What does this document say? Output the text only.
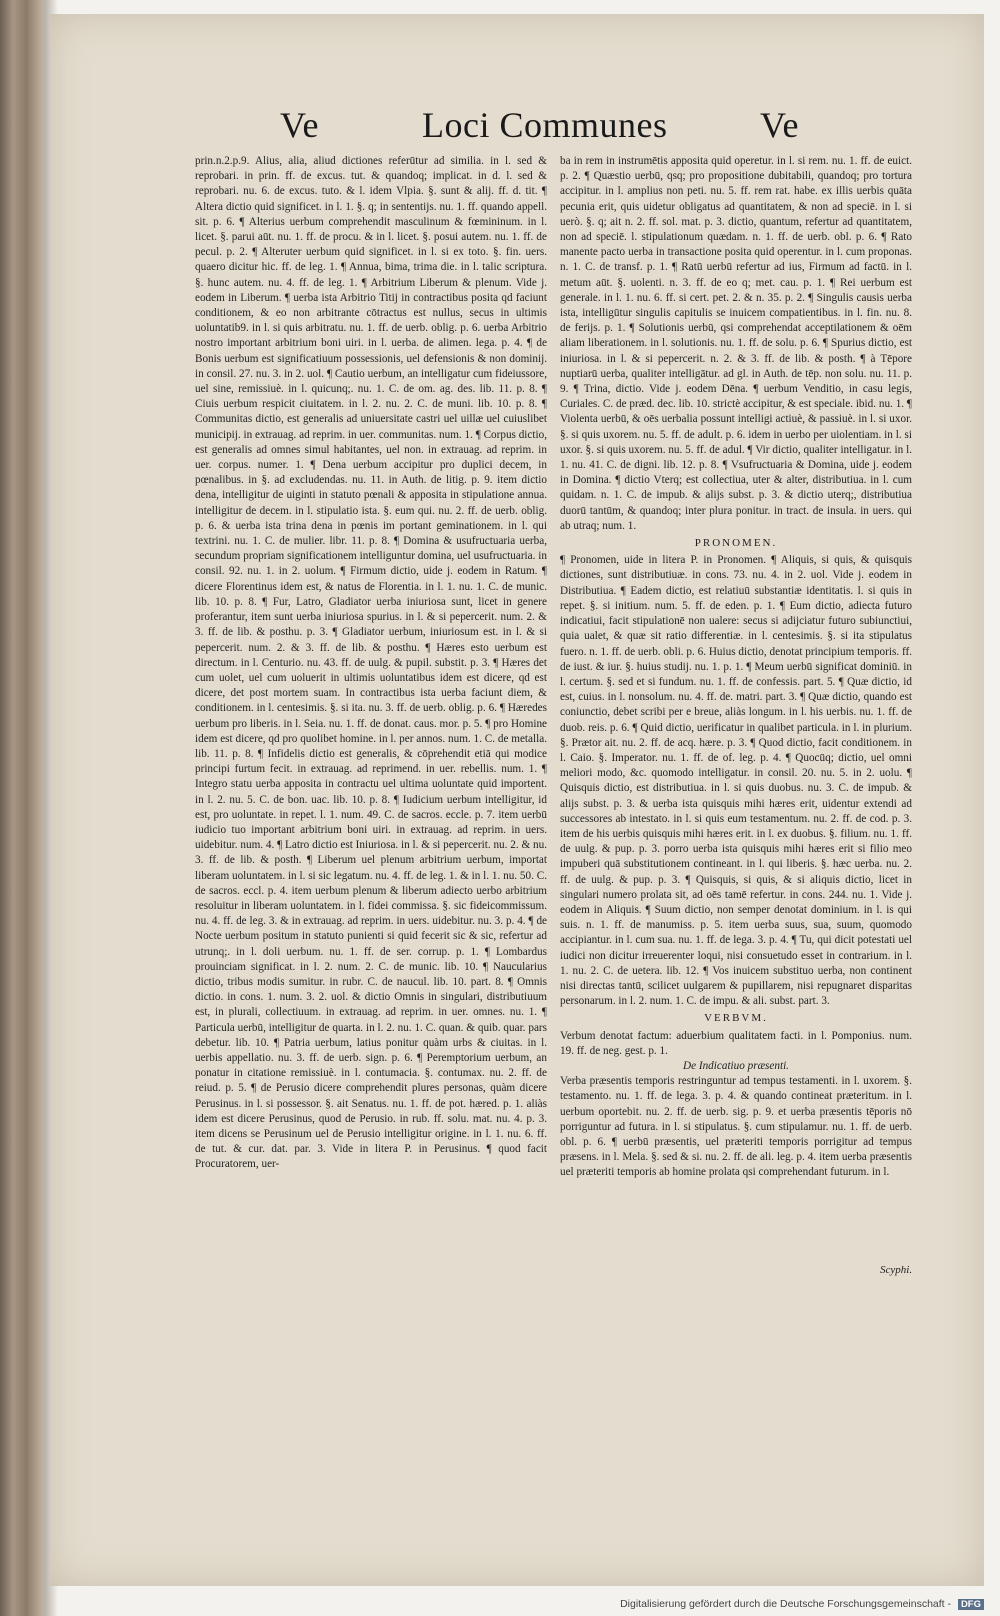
Ve	Loci Communes	Ve

prin.n.2.p.9. Alius, alia, aliud dictiones referūtur ad similia. in l. sed & reprobari. in prin. ff. de excus. tut. & quandoq; implicat. in d. l. sed & reprobari. nu. 6. de excus. tuto. & l. idem Vlpia. §. sunt & alij. ff. d. tit. ¶ Altera dictio quid significet. in l. 1. §. q; in sententijs. nu. 1. ff. quando appell. sit. p. 6. ¶ Alterius uerbum comprehendit masculinum & fœmininum. in l. licet. §. parui aūt. nu. 1. ff. de procu. & in l. licet. §. posui autem. nu. 1. ff. de pecul. p. 2. ¶ Alteruter uerbum quid significet. in l. si ex toto. §. fin. uers. quaero dicitur hic. ff. de leg. 1. ¶ Annua, bima, trima die. in l. talic scriptura. §. hunc autem. nu. 4. ff. de leg. 1. ¶ Arbitrium Liberum & plenum. Vide j. eodem in Liberum. ¶ uerba ista Arbitrio Titij in contractibus posita qd faciunt conditionem, & eo non arbitrante cōtractus est nullus, secus in ultimis uoluntatib9. in l. si quis arbitratu. nu. 1. ff. de uerb. oblig. p. 6. uerba Arbitrio nostro important arbitrium boni uiri. in l. uerba. de alimen. lega. p. 4. ¶ de Bonis uerbum est significatiuum possessionis, uel defensionis & non dominij. in consil. 27. nu. 3. in 2. uol. ¶ Cautio uerbum, an intelligatur cum fideiussore, uel sine, remissiuè. in l. quicunq;. nu. 1. C. de om. ag. des. lib. 11. p. 8. ¶ Ciuis uerbum respicit ciuitatem. in l. 2. nu. 2. C. de muni. lib. 10. p. 8. ¶ Communitas dictio, est generalis ad uniuersitate castri uel uillæ uel cuiuslibet municipij. in extrauag. ad reprim. in uer. communitas. num. 1. ¶ Corpus dictio, est generalis ad omnes simul habitantes, uel non. in extrauag. ad reprim. in uer. corpus. numer. 1. ¶ Dena uerbum accipitur pro duplici decem, in pœnalibus. in §. ad excludendas. nu. 11. in Auth. de litig. p. 9. item dictio dena, intelligitur de uiginti in statuto pœnali & apposita in stipulatione annua. intelligitur de decem. in l. stipulatio ista. §. eum qui. nu. 2. ff. de uerb. oblig. p. 6. & uerba ista trina dena in pœnis im portant geminationem. in l. qui textrini. nu. 1. C. de mulier. libr. 11. p. 8. ¶ Domina & usufructuaria uerba, secundum propriam significationem intelliguntur domina, uel usufructuaria. in consil. 92. nu. 1. in 2. uolum. ¶ Firmum dictio, uide j. eodem in Ratum. ¶ dicere Florentinus idem est, & natus de Florentia. in l. 1. nu. 1. C. de munic. lib. 10. p. 8. ¶ Fur, Latro, Gladiator uerba iniuriosa sunt, licet in genere proferantur, item sunt uerba iniuriosa spurius. in l. & si pepercerit. num. 2. & 3. ff. de lib. & posthu. p. 3. ¶ Gladiator uerbum, iniuriosum est. in l. & si pepercerit. num. 2. & 3. ff. de lib. & posthu. ¶ Hæres esto uerbum est directum. in l. Centurio. nu. 43. ff. de uulg. & pupil. substit. p. 3. ¶ Hæres det cum uolet, uel cum uoluerit in ultimis uoluntatibus idem est dicere, qd est dicere, det post mortem suam. In contractibus ista uerba faciunt diem, & conditionem. in l. centesimis. §. si ita. nu. 3. ff. de uerb. oblig. p. 6. ¶ Hæredes uerbum pro liberis. in l. Seia. nu. 1. ff. de donat. caus. mor. p. 5. ¶ pro Homine idem est dicere, qd pro quolibet homine. in l. per annos. num. 1. C. de metalla. lib. 11. p. 8. ¶ Infidelis dictio est generalis, & cōprehendit etiā qui modice principi furtum fecit. in extrauag. ad reprimend. in uer. rebellis. num. 1. ¶ Integro statu uerba apposita in contractu uel ultima uoluntate quid importent. in l. 2. nu. 5. C. de bon. uac. lib. 10. p. 8. ¶ Iudicium uerbum intelligitur, id est, pro uoluntate. in repet. l. 1. num. 49. C. de sacros. eccle. p. 7. item uerbū iudicio tuo important arbitrium boni uiri. in extrauag. ad reprim. in uers. uidebitur. num. 4. ¶ Latro dictio est Iniuriosa. in l. & si pepercerit. nu. 2. & nu. 3. ff. de lib. & posth. ¶ Liberum uel plenum arbitrium uerbum, importat liberam uoluntatem. in l. si sic legatum. nu. 4. ff. de leg. 1. & in l. 1. nu. 50. C. de sacros. eccl. p. 4. item uerbum plenum & liberum adiecto uerbo arbitrium resoluitur in liberam uoluntatem. in l. fidei commissa. §. sic fideicommissum. nu. 4. ff. de leg. 3. & in extrauag. ad reprim. in uers. uidebitur. nu. 3. p. 4. ¶ de Nocte uerbum positum in statuto punienti si quid fecerit sic & sic, refertur ad utrunq;. in l. doli uerbum. nu. 1. ff. de ser. corrup. p. 1. ¶ Lombardus prouinciam significat. in l. 2. num. 2. C. de munic. lib. 10. ¶ Naucularius dictio, tribus modis sumitur. in rubr. C. de naucul. lib. 10. part. 8. ¶ Omnis dictio. in cons. 1. num. 3. 2. uol. & dictio Omnis in singulari, distributiuum est, in plurali, collectiuum. in extrauag. ad reprim. in uer. omnes. nu. 1. ¶ Particula uerbū, intelligitur de quarta. in l. 2. nu. 1. C. quan. & quib. quar. pars debetur. lib. 10. ¶ Patria uerbum, latius ponitur quàm urbs & ciuitas. in l. uerbis appellatio. nu. 3. ff. de uerb. sign. p. 6. ¶ Peremptorium uerbum, an ponatur in citatione remissiuè. in l. contumacia. §. contumax. nu. 2. ff. de reiud. p. 5. ¶ de Perusio dicere comprehendit plures personas, quàm dicere Perusinus. in l. si possessor. §. ait Senatus. nu. 1. ff. de pot. hæred. p. 1. aliàs idem est dicere Perusinus, quod de Perusio. in rub. ff. solu. mat. nu. 4. p. 3. item dicens se Perusinum uel de Perusio intelligitur origine. in l. 1. nu. 6. ff. de tut. & cur. dat. par. 3. Vide in litera P. in Perusinus. ¶ quod facit Procuratorem, uer-

ba in rem in instrumētis apposita quid operetur. in l. si rem. nu. 1. ff. de euict. p. 2. ¶ Quæstio uerbū, qsq; pro propositione dubitabili, quandoq; pro tortura accipitur. in l. amplius non peti. nu. 5. ff. rem rat. habe. ex illis uerbis quāta pecunia erit, quis uidetur obligatus ad quantitatem, & non ad speciē. in l. si uerò. §. q; ait n. 2. ff. sol. mat. p. 3. dictio, quantum, refertur ad quantitatem, non ad speciē. l. stipulationum quædam. n. 1. ff. de uerb. obl. p. 6. ¶ Rato manente pacto uerba in transactione posita quid operentur. in l. cum proponas. n. 1. C. de transf. p. 1. ¶ Ratū uerbū refertur ad ius, Firmum ad factū. in l. metum aūt. §. uolenti. n. 3. ff. de eo q; met. cau. p. 1. ¶ Rei uerbum est generale. in l. 1. nu. 6. ff. si cert. pet. 2. & n. 35. p. 2. ¶ Singulis causis uerba ista, intelligūtur singulis capitulis se inuicem compatientibus. in l. fin. nu. 8. de ferijs. p. 1. ¶ Solutionis uerbū, qsi comprehendat acceptilationem & oēm aliam liberationem. in l. solutionis. nu. 1. ff. de solu. p. 6. ¶ Spurius dictio, est iniuriosa. in l. & si pepercerit. n. 2. & 3. ff. de lib. & posth. ¶ à Tēpore nuptiarū uerba, qualiter intelligātur. ad gl. in Auth. de tēp. non solu. nu. 11. p. 9. ¶ Trina, dictio. Vide j. eodem Dēna. ¶ uerbum Venditio, in casu legis, Curiales. C. de præd. dec. lib. 10. strictè accipitur, & est speciale. ibid. nu. 1. ¶ Violenta uerbū, & oēs uerbalia possunt intelligi actiuè, & passiuè. in l. si uxor. §. si quis uxorem. nu. 5. ff. de adult. p. 6. idem in uerbo per uiolentiam. in l. si uxor. §. si quis uxorem. nu. 5. ff. de adul. ¶ Vir dictio, qualiter intelligatur. in l. 1. nu. 41. C. de digni. lib. 12. p. 8. ¶ Vsufructuaria & Domina, uide j. eodem in Domina. ¶ dictio Vterq; est collectiua, uter & alter, distributiua. in l. cum quidam. n. 1. C. de impub. & alijs subst. p. 3. & dictio uterq;, distributiua duorū tantūm, & quandoq; inter plura ponitur. in tract. de insula. in uers. qui ab utraq; num. 1.

PRONOMEN.

¶ Pronomen, uide in litera P. in Pronomen. ¶ Aliquis, si quis, & quisquis dictiones, sunt distributiuæ. in cons. 73. nu. 4. in 2. uol. Vide j. eodem in Distributiua. ¶ Eadem dictio, est relatiuū substantiæ identitatis. l. si quis in repet. §. si initium. num. 5. ff. de eden. p. 1. ¶ Eum dictio, adiecta futuro indicatiui, facit stipulationē non ualere: secus si adijciatur futuro subiunctiui, quia ualet, & quæ sit ratio differentiæ. in l. centesimis. §. si ita stipulatus fuero. n. 1. ff. de uerb. obli. p. 6. Huius dictio, denotat principium temporis. ff. de iust. & iur. §. huius studij. nu. 1. p. 1. ¶ Meum uerbū significat dominiū. in l. certum. §. sed et si fundum. nu. 1. ff. de confessis. part. 5. ¶ Quæ dictio, id est, cuius. in l. nonsolum. nu. 4. ff. de. matri. part. 3. ¶ Quæ dictio, quando est coniunctio, debet scribi per e breue, aliàs longum. in l. his uerbis. nu. 1. ff. de duob. reis. p. 6. ¶ Quid dictio, uerificatur in qualibet particula. in l. in plurium. §. Prætor ait. nu. 2. ff. de acq. hære. p. 3. ¶ Quod dictio, facit conditionem. in l. Caio. §. Imperator. nu. 1. ff. de of. leg. p. 4. ¶ Quocūq; dictio, uel omni meliori modo, &c. quomodo intelligatur. in consil. 20. nu. 5. in 2. uolu. ¶ Quisquis dictio, est distributiua. in l. si quis duobus. nu. 3. C. de impub. & alijs subst. p. 3. & uerba ista quisquis mihi hæres erit, uidentur extendi ad successores ab intestato. in l. si quis eum testamentum. nu. 2. ff. de cod. p. 3. item de his uerbis quisquis mihi hæres erit. in l. ex duobus. §. filium. nu. 1. ff. de uulg. & pup. p. 3. porro uerba ista quisquis mihi hæres erit si filio meo impuberi quā substitutionem contineant. in l. qui liberis. §. hæc uerba. nu. 2. ff. de uulg. & pup. p. 3. ¶ Quisquis, si quis, & si aliquis dictio, licet in singulari numero prolata sit, ad oēs tamē refertur. in cons. 244. nu. 1. Vide j. eodem in Aliquis. ¶ Suum dictio, non semper denotat dominium. in l. is qui suis. n. 1. ff. de manumiss. p. 5. item uerba suus, sua, suum, quomodo accipiantur. in l. cum sua. nu. 1. ff. de lega. 3. p. 4. ¶ Tu, qui dicit potestati uel iudici non dicitur irreuerenter loqui, nisi consuetudo esset in contrarium. in l. 1. nu. 2. C. de uetera. lib. 12. ¶ Vos inuicem substituo uerba, non continent nisi directas tantū, scilicet uulgarem & pupillarem, nisi repugnaret disparitas personarum. in l. 2. num. 1. C. de impu. & ali. subst. part. 3.

VERBVM.

Verbum denotat factum: aduerbium qualitatem facti. in l. Pomponius. num. 19. ff. de neg. gest. p. 1.

De Indicatiuo præsenti.

Verba præsentis temporis restringuntur ad tempus testamenti. in l. uxorem. §. testamento. nu. 1. ff. de lega. 3. p. 4. & quando contineat præteritum. in l. uerbum oportebit. nu. 2. ff. de uerb. sig. p. 9. et uerba præsentis tēporis nō porriguntur ad futura. in l. si stipulatus. §. cum stipulamur. nu. 1. ff. de uerb. obl. p. 6. ¶ uerbū præsentis, uel præteriti temporis porrigitur ad tempus præsens. in l. Mela. §. sed & si. nu. 2. ff. de ali. leg. p. 4. item uerba præsentis uel præteriti temporis ab homine prolata qsi comprehendant futurum. in l.

Scyphi.
Digitalisierung gefördert durch die Deutsche Forschungsgemeinschaft - DFG
